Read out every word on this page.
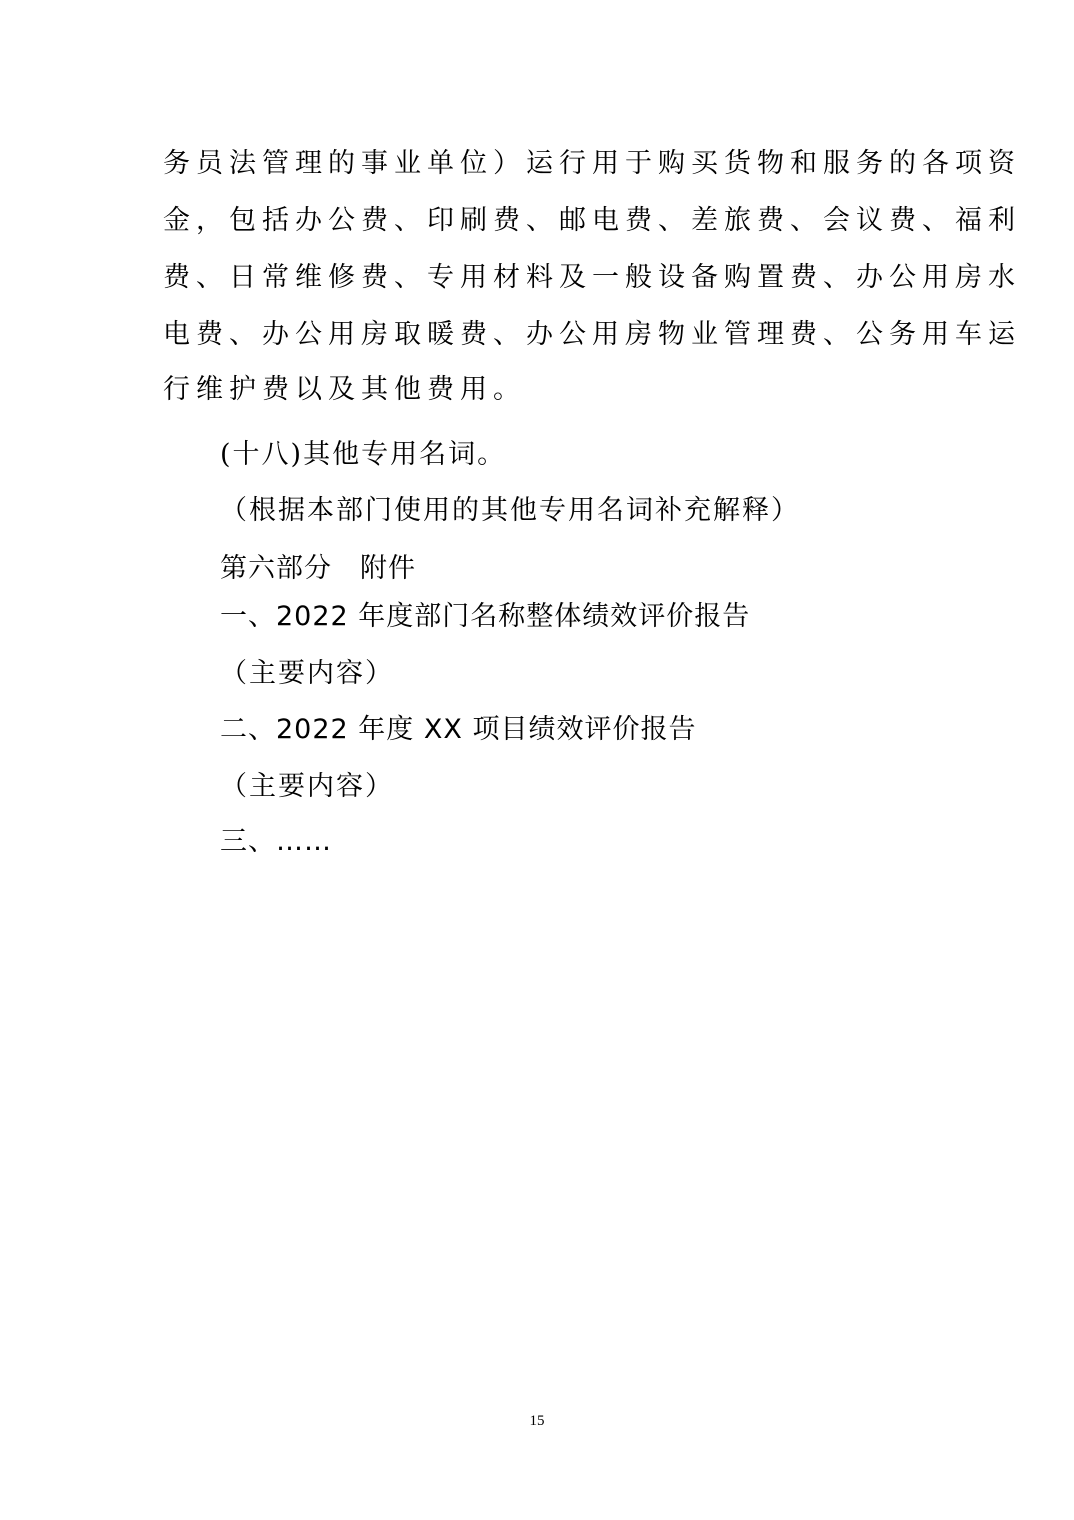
务员法管理的事业单位）运行用于购买货物和服务的各项资
金，包括办公费、印刷费、邮电费、差旅费、会议费、福利
费、日常维修费、专用材料及一般设备购置费、办公用房水
电费、办公用房取暖费、办公用房物业管理费、公务用车运
行维护费以及其他费用。
(十八)其他专用名词。
（根据本部门使用的其他专用名词补充解释）
第六部分　附件
一、2022 年度部门名称整体绩效评价报告
（主要内容）
二、2022 年度 XX 项目绩效评价报告
（主要内容）
三、……
15
